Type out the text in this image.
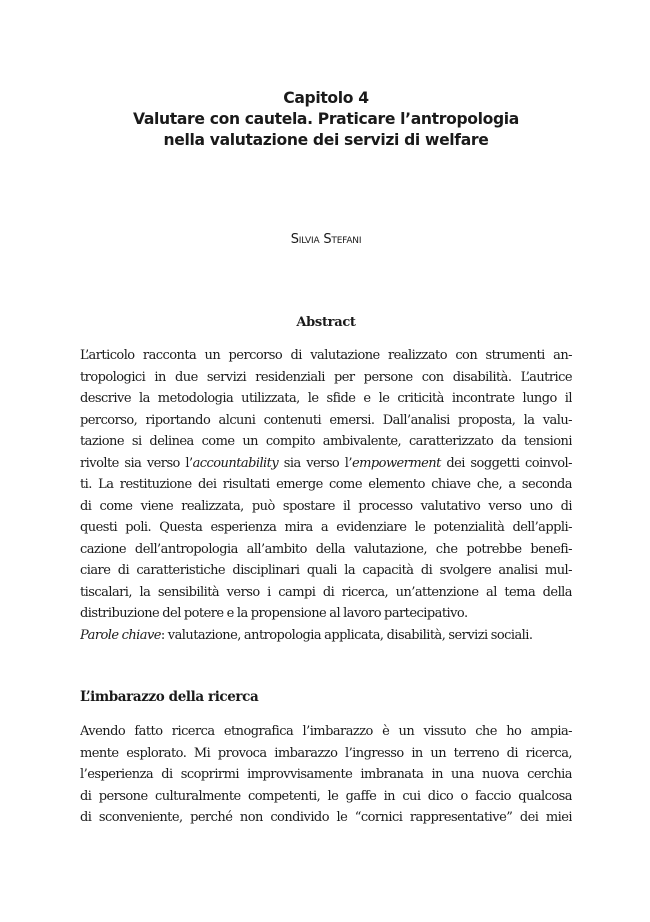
Capitolo 4
Valutare con cautela. Praticare l’antropologia
nella valutazione dei servizi di welfare
Silvia Stefani
Abstract
L’articolo racconta un percorso di valutazione realizzato con strumenti an-
tropologici in due servizi residenziali per persone con disabilità. L’autrice
descrive la metodologia utilizzata, le sfide e le criticità incontrate lungo il
percorso, riportando alcuni contenuti emersi. Dall’analisi proposta, la valu-
tazione si delinea come un compito ambivalente, caratterizzato da tensioni
rivolte sia verso l’accountability sia verso l’empowerment dei soggetti coinvol-
ti. La restituzione dei risultati emerge come elemento chiave che, a seconda
di come viene realizzata, può spostare il processo valutativo verso uno di
questi poli. Questa esperienza mira a evidenziare le potenzialità dell’appli-
cazione dell’antropologia all’ambito della valutazione, che potrebbe benefi-
ciare di caratteristiche disciplinari quali la capacità di svolgere analisi mul-
tiscalari, la sensibilità verso i campi di ricerca, un’attenzione al tema della
distribuzione del potere e la propensione al lavoro partecipativo.
Parole chiave: valutazione, antropologia applicata, disabilità, servizi sociali.
L’imbarazzo della ricerca
Avendo fatto ricerca etnografica l’imbarazzo è un vissuto che ho ampia-
mente esplorato. Mi provoca imbarazzo l’ingresso in un terreno di ricerca,
l’esperienza di scoprirmi improvvisamente imbranata in una nuova cerchia
di persone culturalmente competenti, le gaffe in cui dico o faccio qualcosa
di sconveniente, perché non condivido le “cornici rappresentative” dei miei
